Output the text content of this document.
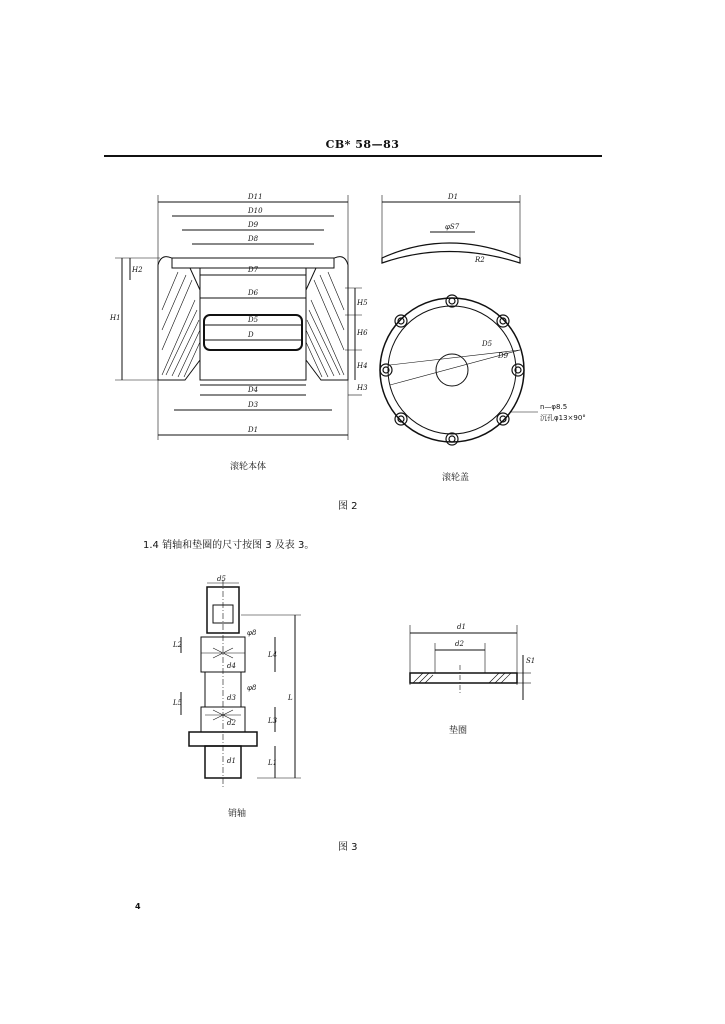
CB* 58—83
D11
D10
D9
D8
D7
D6
D5
D
D4
D3
D1
H1
H2
H5
H6
H4
H3
D1
φS7
R2
D5
D9
n—φ8.5
沉孔φ13×90°
滚轮本体
滚轮盖
图 2
1.4 销轴和垫圈的尺寸按图 3 及表 3。
d5
d4
d3
d2
d1	L1
L3
L4
L
L2
L5
φ8
φ8
d1
d2
S1
垫圈
销轴
图 3
4
